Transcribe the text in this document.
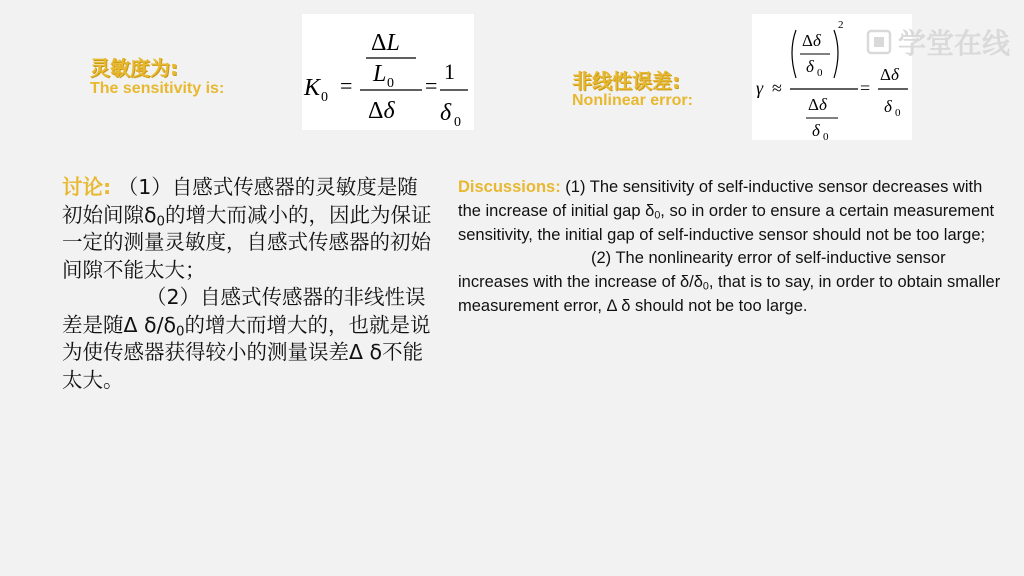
灵敏度为:
The sensitivity is:	K 0 =
ΔL
L 0
Δδ
=
1
δ 0
非线性误差:
Nonlinear error:
γ ≈
Δδ
δ 0
2
Δδ
δ 0
=
Δδ
δ 0
学堂在线

讨论: （1）自感式传感器的灵敏度是随初始间隙$\delta_0$的增大而减小的，因此为保证一定的测量灵敏度，自感式传感器的初始间隙不能太大；

（2）自感式传感器的非线性误差是随Δ $\delta/\delta_0$的增大而增大的，也就是说为使传感器获得较小的测量误差Δ δ不能太大。

Discussions: (1) The sensitivity of self-inductive sensor decreases with the increase of initial gap $\delta_0$, so in order to ensure a certain measurement sensitivity, the initial gap of self-inductive sensor should not be too large;

(2) The nonlinearity error of self-inductive sensor increases with the increase of $\delta/\delta_0$, that is to say, in order to obtain smaller measurement error, Δ δ should not be too large.
